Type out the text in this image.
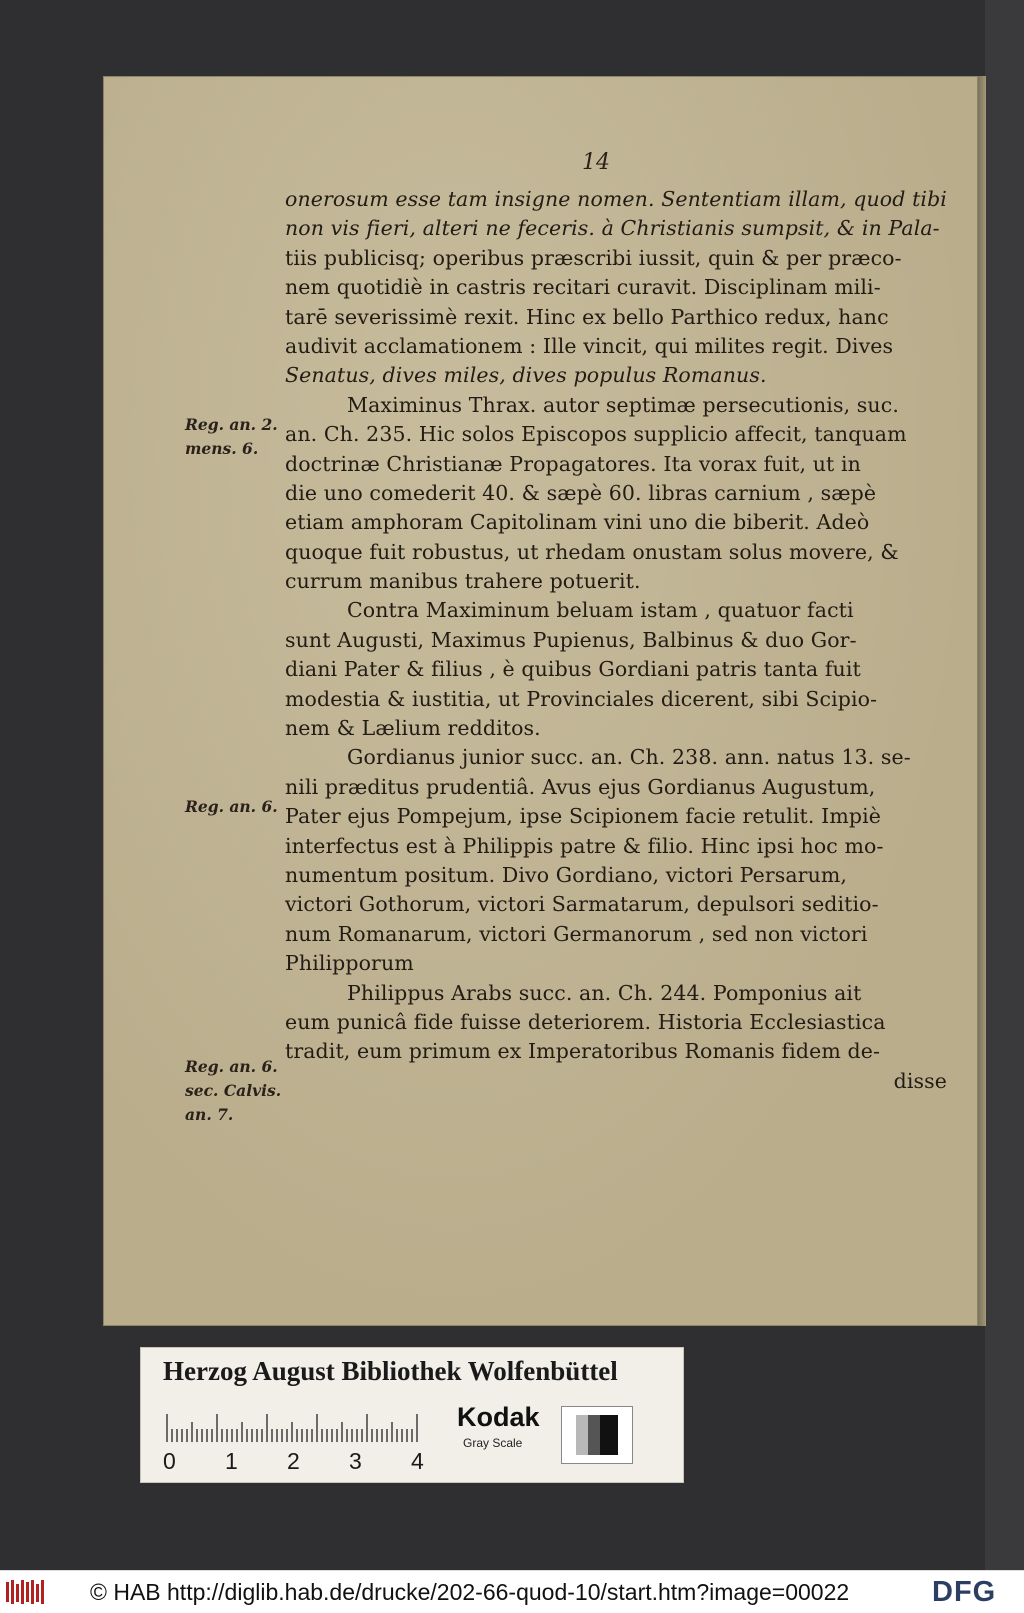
14
onerosum esse tam insigne nomen. Sententiam illam, quod tibi
non vis fieri, alteri ne feceris. à Christianis sumpsit, & in Pala-
tiis publicisq; operibus præscribi iussit, quin & per præco-
nem quotidiè in castris recitari curavit. Disciplinam mili-
tarē severissimè rexit. Hinc ex bello Parthico redux, hanc
audivit acclamationem : Ille vincit, qui milites regit. Dives
Senatus, dives miles, dives populus Romanus.
Maximinus Thrax. autor septimæ persecutionis, suc.
an. Ch. 235. Hic solos Episcopos supplicio affecit, tanquam
doctrinæ Christianæ Propagatores. Ita vorax fuit, ut in
die uno comederit 40. & sæpè 60. libras carnium , sæpè
etiam amphoram Capitolinam vini uno die biberit. Adeò
quoque fuit robustus, ut rhedam onustam solus movere, &
currum manibus trahere potuerit.
Contra Maximinum beluam istam , quatuor facti
sunt Augusti, Maximus Pupienus, Balbinus & duo Gor-
diani Pater & filius , è quibus Gordiani patris tanta fuit
modestia & iustitia, ut Provinciales dicerent, sibi Scipio-
nem & Lælium redditos.
Gordianus junior succ. an. Ch. 238. ann. natus 13. se-
nili præditus prudentiâ. Avus ejus Gordianus Augustum,
Pater ejus Pompejum, ipse Scipionem facie retulit. Impiè
interfectus est à Philippis patre & filio. Hinc ipsi hoc mo-
numentum positum. Divo Gordiano, victori Persarum,
victori Gothorum, victori Sarmatarum, depulsori seditio-
num Romanarum, victori Germanorum , sed non victori
Philipporum
Philippus Arabs succ. an. Ch. 244. Pomponius ait
eum punicâ fide fuisse deteriorem. Historia Ecclesiastica
tradit, eum primum ex Imperatoribus Romanis fidem de-
disse
Reg. an. 2.
mens. 6.
Reg. an. 6.
Reg. an. 6.
sec. Calvis.
an. 7.
Herzog August Bibliothek Wolfenbüttel
0 1 2 3 4
Kodak
Gray Scale
© HAB http://diglib.hab.de/drucke/202-66-quod-10/start.htm?image=00022	DFG
